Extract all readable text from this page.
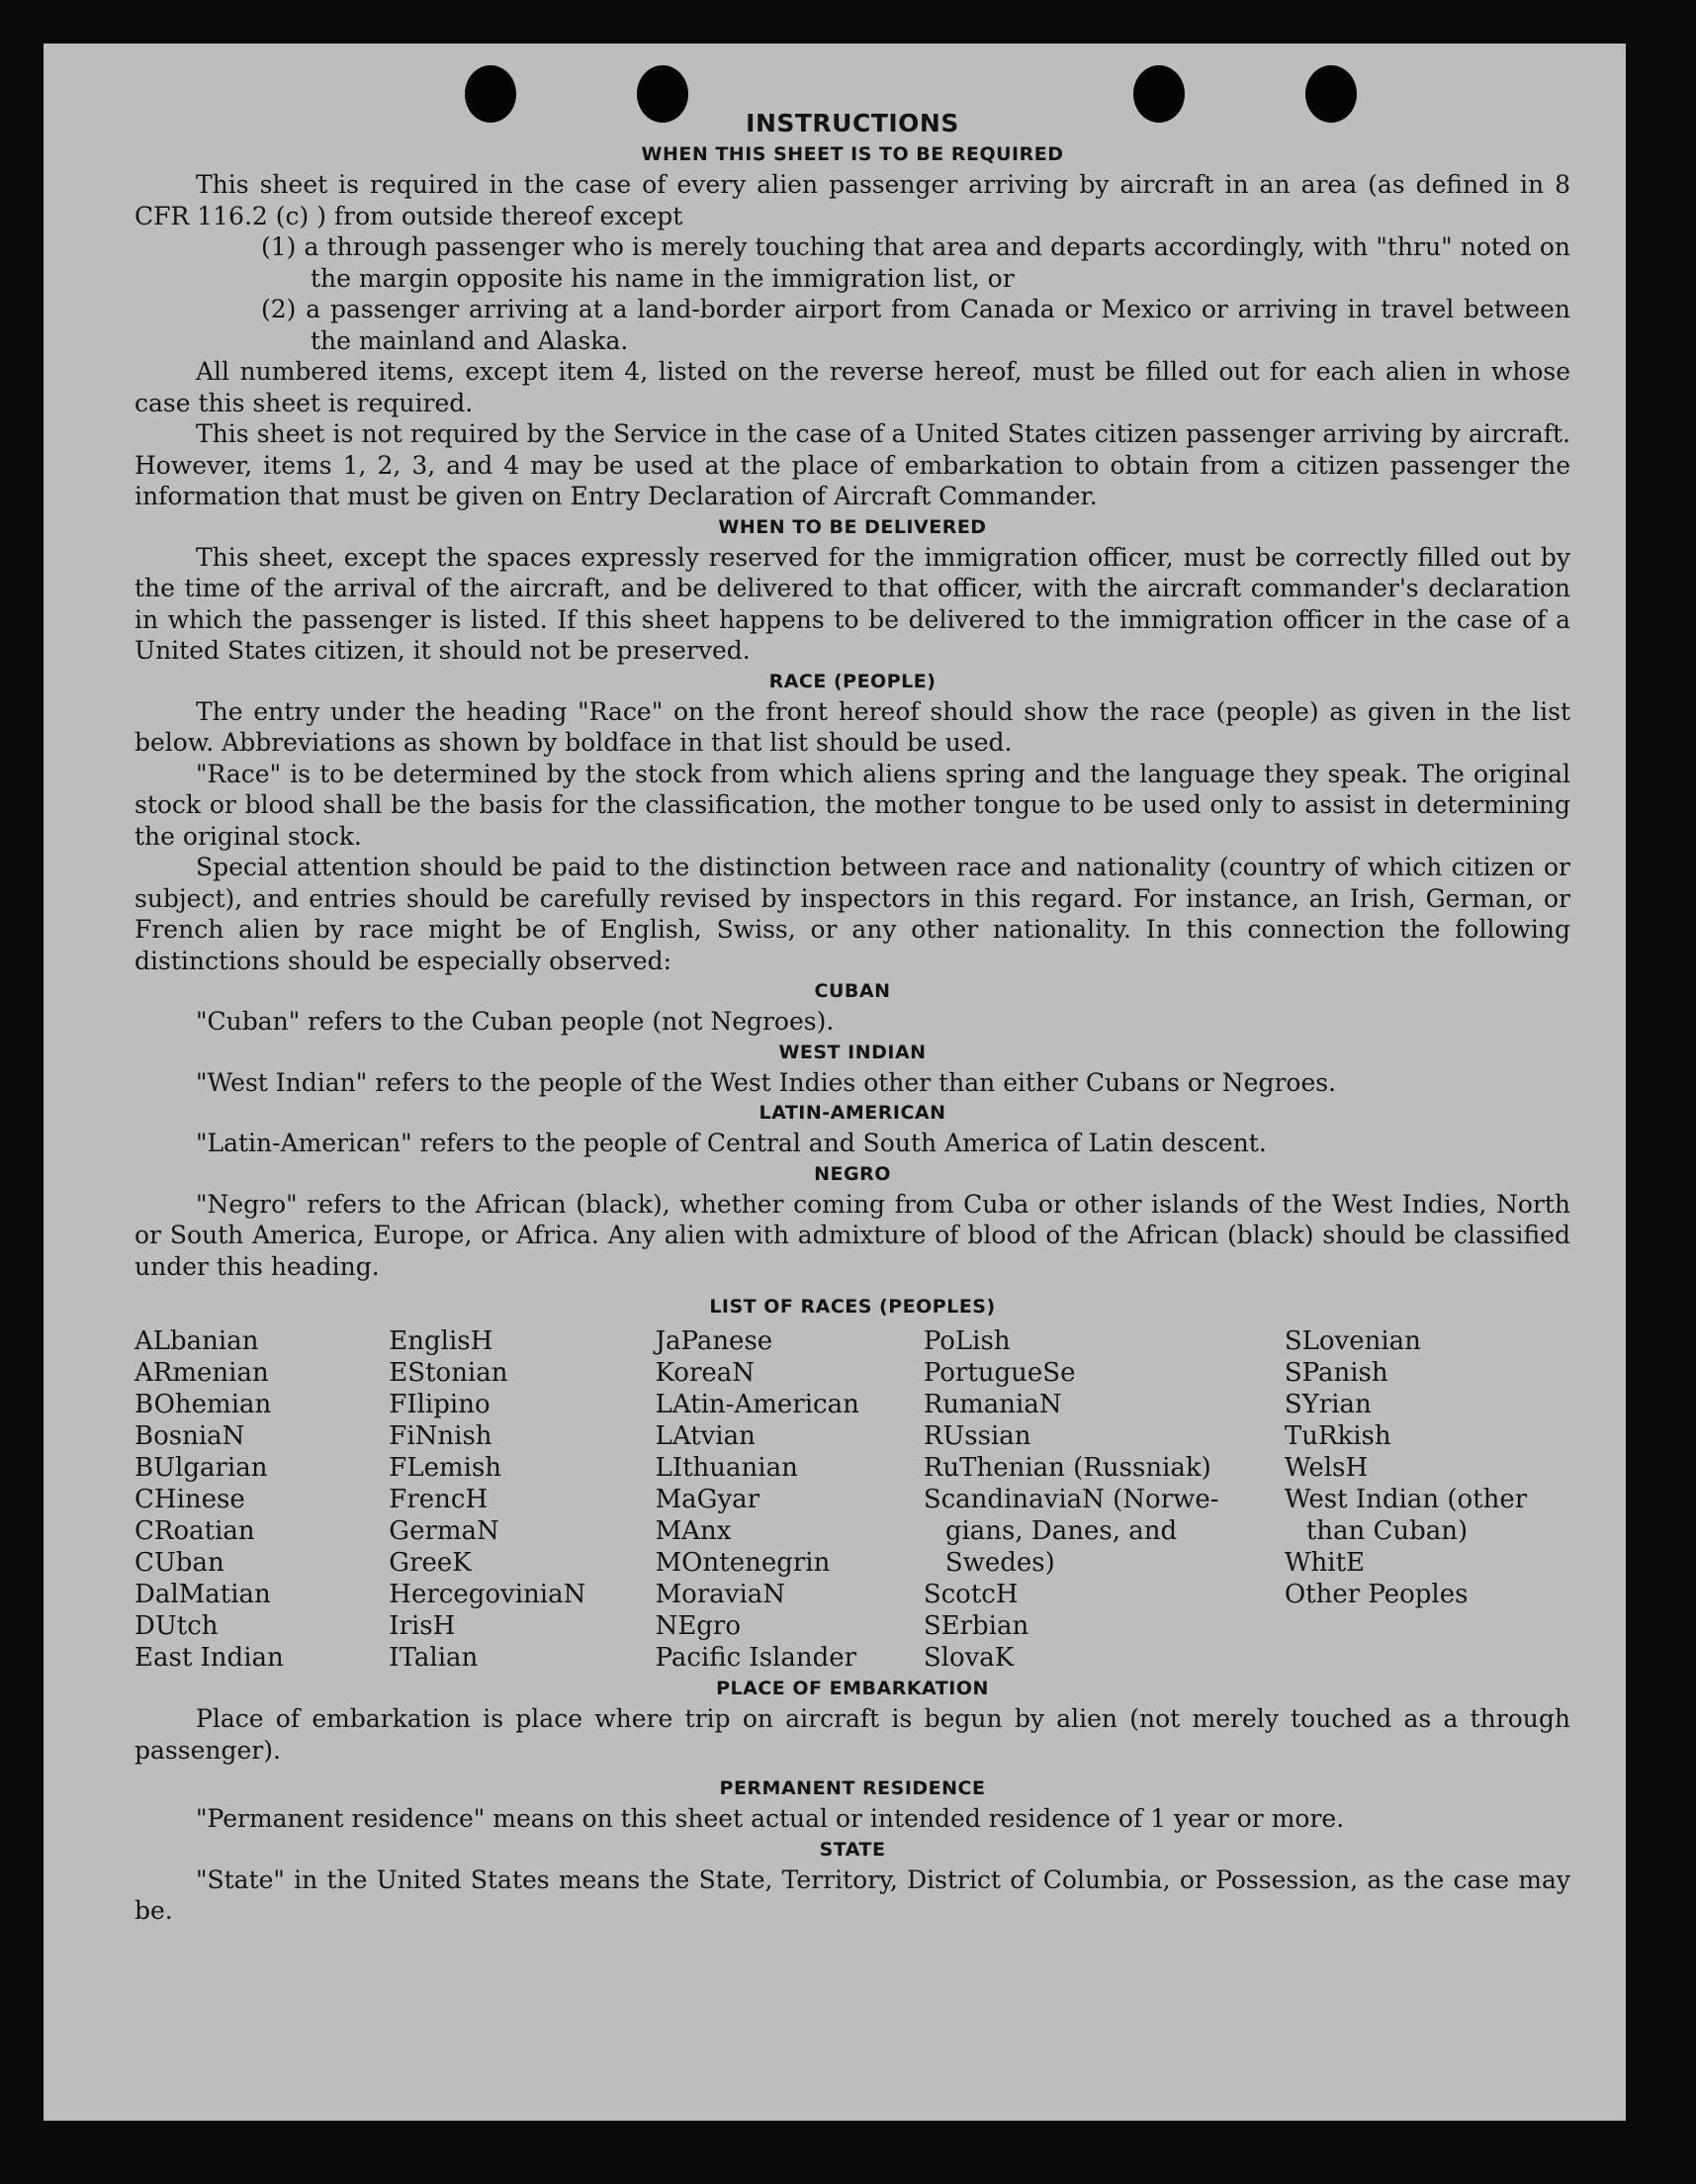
INSTRUCTIONS
WHEN THIS SHEET IS TO BE REQUIRED

This sheet is required in the case of every alien passenger arriving by aircraft in an area (as defined in 8 CFR 116.2 (c) ) from outside thereof except

(1) a through passenger who is merely touching that area and departs accordingly, with "thru" noted on the margin opposite his name in the immigration list, or

(2) a passenger arriving at a land-border airport from Canada or Mexico or arriving in travel between the mainland and Alaska.

All numbered items, except item 4, listed on the reverse hereof, must be filled out for each alien in whose case this sheet is required.

This sheet is not required by the Service in the case of a United States citizen passenger arriving by aircraft. However, items 1, 2, 3, and 4 may be used at the place of embarkation to obtain from a citizen passenger the information that must be given on Entry Declaration of Aircraft Commander.

WHEN TO BE DELIVERED

This sheet, except the spaces expressly reserved for the immigration officer, must be correctly filled out by the time of the arrival of the aircraft, and be delivered to that officer, with the aircraft commander's declaration in which the passenger is listed. If this sheet happens to be delivered to the immigration officer in the case of a United States citizen, it should not be preserved.

RACE (PEOPLE)

The entry under the heading "Race" on the front hereof should show the race (people) as given in the list below. Abbreviations as shown by boldface in that list should be used.

"Race" is to be determined by the stock from which aliens spring and the language they speak. The original stock or blood shall be the basis for the classification, the mother tongue to be used only to assist in determining the original stock.

Special attention should be paid to the distinction between race and nationality (country of which citizen or subject), and entries should be carefully revised by inspectors in this regard. For instance, an Irish, German, or French alien by race might be of English, Swiss, or any other nationality. In this connection the following distinctions should be especially observed:

CUBAN

"Cuban" refers to the Cuban people (not Negroes).

WEST INDIAN

"West Indian" refers to the people of the West Indies other than either Cubans or Negroes.

LATIN-AMERICAN

"Latin-American" refers to the people of Central and South America of Latin descent.

NEGRO

"Negro" refers to the African (black), whether coming from Cuba or other islands of the West Indies, North or South America, Europe, or Africa. Any alien with admixture of blood of the African (black) should be classified under this heading.

LIST OF RACES (PEOPLES)
ALbanian
ARmenian
BOhemian
BosniaN
BUlgarian
CHinese
CRoatian
CUban
DalMatian
DUtch
East Indian
EnglisH
EStonian
FIlipino
FiNnish
FLemish
FrencH
GermaN
GreeK
HercegoviniaN
IrisH
ITalian
JaPanese
KoreaN
LAtin-American
LAtvian
LIthuanian
MaGyar
MAnx
MOntenegrin
MoraviaN
NEgro
Pacific Islander
PoLish
PortugueSe
RumaniaN
RUssian
RuThenian (Russniak)
ScandinaviaN (Norwe-
gians, Danes, and
Swedes)
ScotcH
SErbian
SlovaK
SLovenian
SPanish
SYrian
TuRkish
WelsH
West Indian (other
than Cuban)
WhitE
Other Peoples
PLACE OF EMBARKATION

Place of embarkation is place where trip on aircraft is begun by alien (not merely touched as a through passenger).

PERMANENT RESIDENCE

"Permanent residence" means on this sheet actual or intended residence of 1 year or more.

STATE

"State" in the United States means the State, Territory, District of Columbia, or Possession, as the case may be.
